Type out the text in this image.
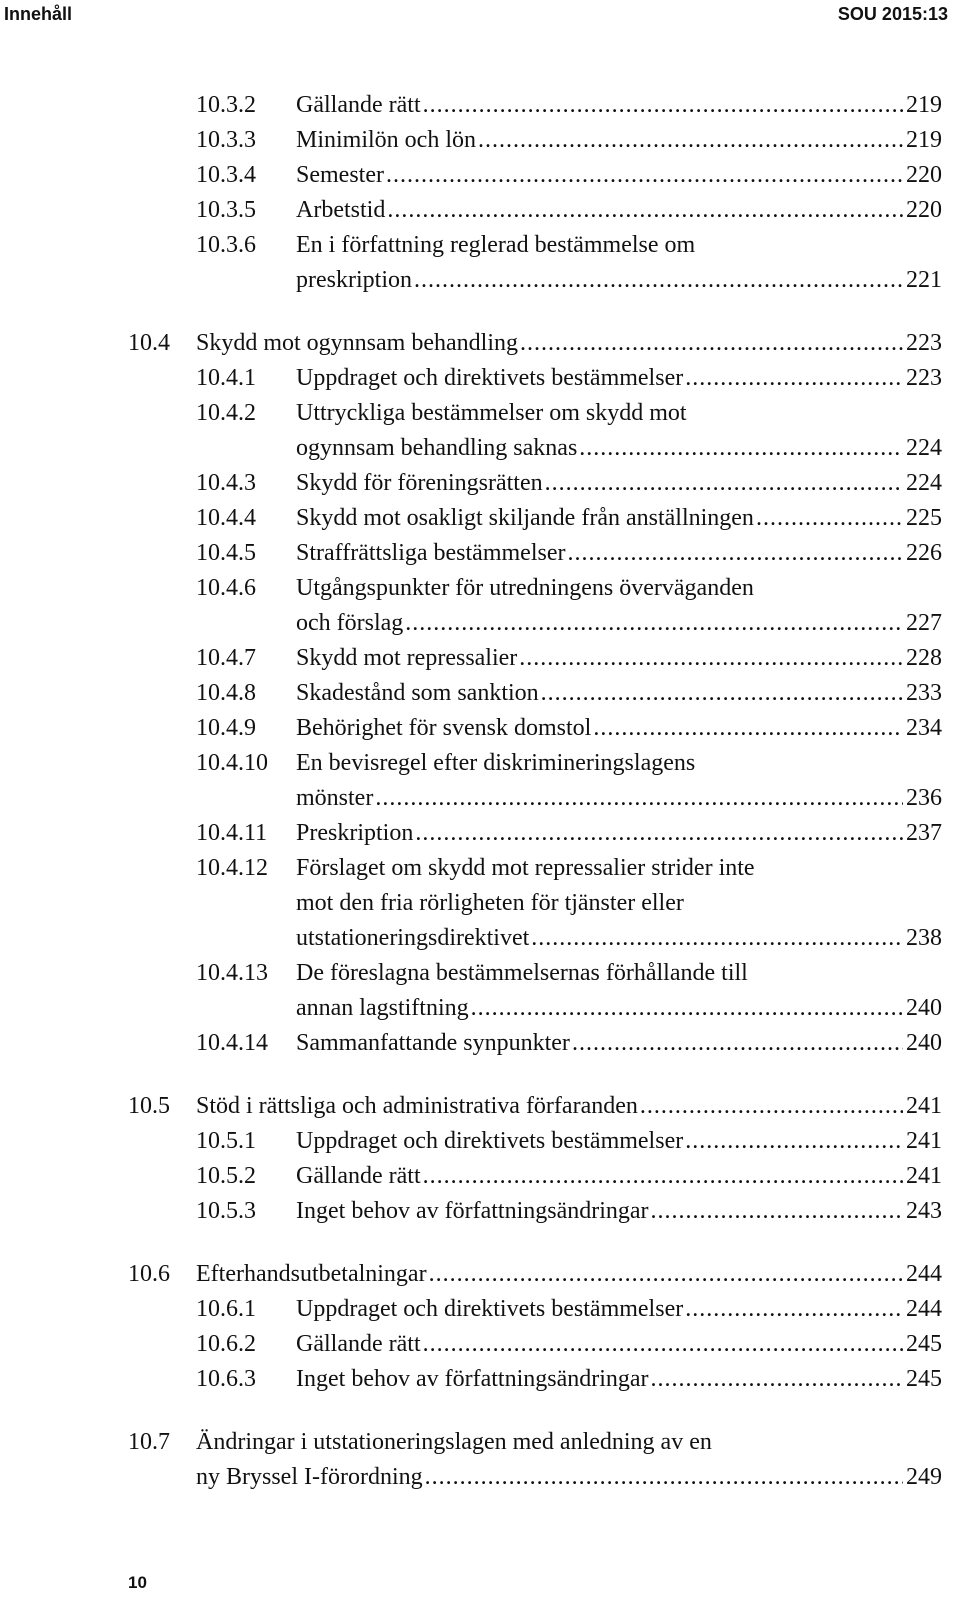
Innehåll	SOU 2015:13
10.3.2 Gällande rätt .....	219
10.3.3 Minimilön och lön .....	219
10.3.4 Semester .....	220
10.3.5 Arbetstid .....	220
10.3.6 En i författning reglerad bestämmelse om
preskription .....	221
10.4 Skydd mot ogynnsam behandling .....	223
10.4.1 Uppdraget och direktivets bestämmelser .....	223
10.4.2 Uttryckliga bestämmelser om skydd mot
ogynnsam behandling saknas .....	224
10.4.3 Skydd för föreningsrätten .....	224
10.4.4 Skydd mot osakligt skiljande från anställningen .....	225
10.4.5 Straffrättsliga bestämmelser .....	226
10.4.6 Utgångspunkter för utredningens överväganden
och förslag .....	227
10.4.7 Skydd mot repressalier .....	228
10.4.8 Skadestånd som sanktion .....	233
10.4.9 Behörighet för svensk domstol .....	234
10.4.10 En bevisregel efter diskrimineringslagens
mönster .....	236
10.4.11 Preskription .....	237
10.4.12 Förslaget om skydd mot repressalier strider inte
mot den fria rörligheten för tjänster eller
utstationeringsdirektivet .....	238
10.4.13 De föreslagna bestämmelsernas förhållande till
annan lagstiftning .....	240
10.4.14 Sammanfattande synpunkter .....	240
10.5 Stöd i rättsliga och administrativa förfaranden .....	241
10.5.1 Uppdraget och direktivets bestämmelser .....	241
10.5.2 Gällande rätt .....	241
10.5.3 Inget behov av författningsändringar .....	243
10.6 Efterhandsutbetalningar .....	244
10.6.1 Uppdraget och direktivets bestämmelser .....	244
10.6.2 Gällande rätt .....	245
10.6.3 Inget behov av författningsändringar .....	245
10.7 Ändringar i utstationeringslagen med anledning av en
ny Bryssel I-förordning .....	249
10
